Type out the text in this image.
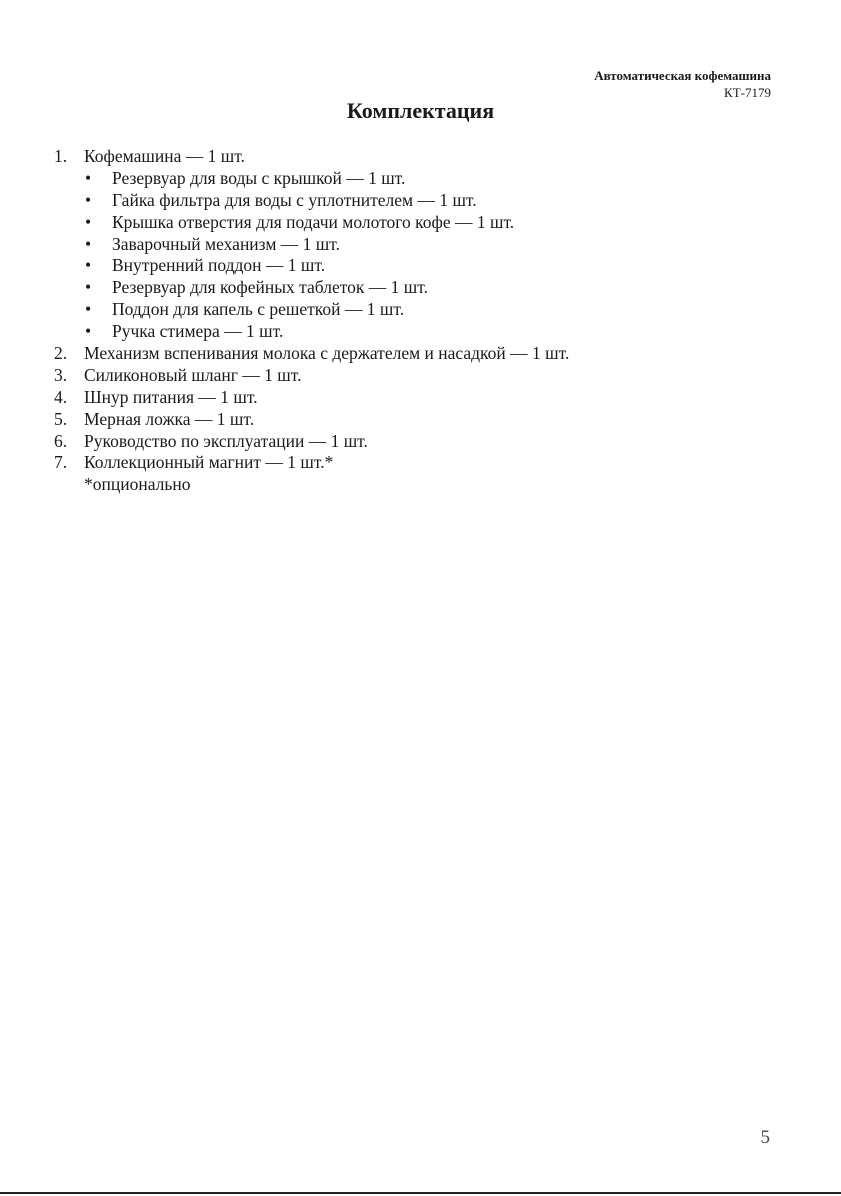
Автоматическая кофемашина
КТ-7179
Комплектация
1. Кофемашина — 1 шт.
• Резервуар для воды с крышкой — 1 шт.
• Гайка фильтра для воды с уплотнителем — 1 шт.
• Крышка отверстия для подачи молотого кофе — 1 шт.
• Заварочный механизм — 1 шт.
• Внутренний поддон — 1 шт.
• Резервуар для кофейных таблеток — 1 шт.
• Поддон для капель с решеткой — 1 шт.
• Ручка стимера — 1 шт.
2. Механизм вспенивания молока с держателем и насадкой — 1 шт.
3. Силиконовый шланг — 1 шт.
4. Шнур питания — 1 шт.
5. Мерная ложка — 1 шт.
6. Руководство по эксплуатации — 1 шт.
7. Коллекционный магнит — 1 шт.*
*опционально
5
